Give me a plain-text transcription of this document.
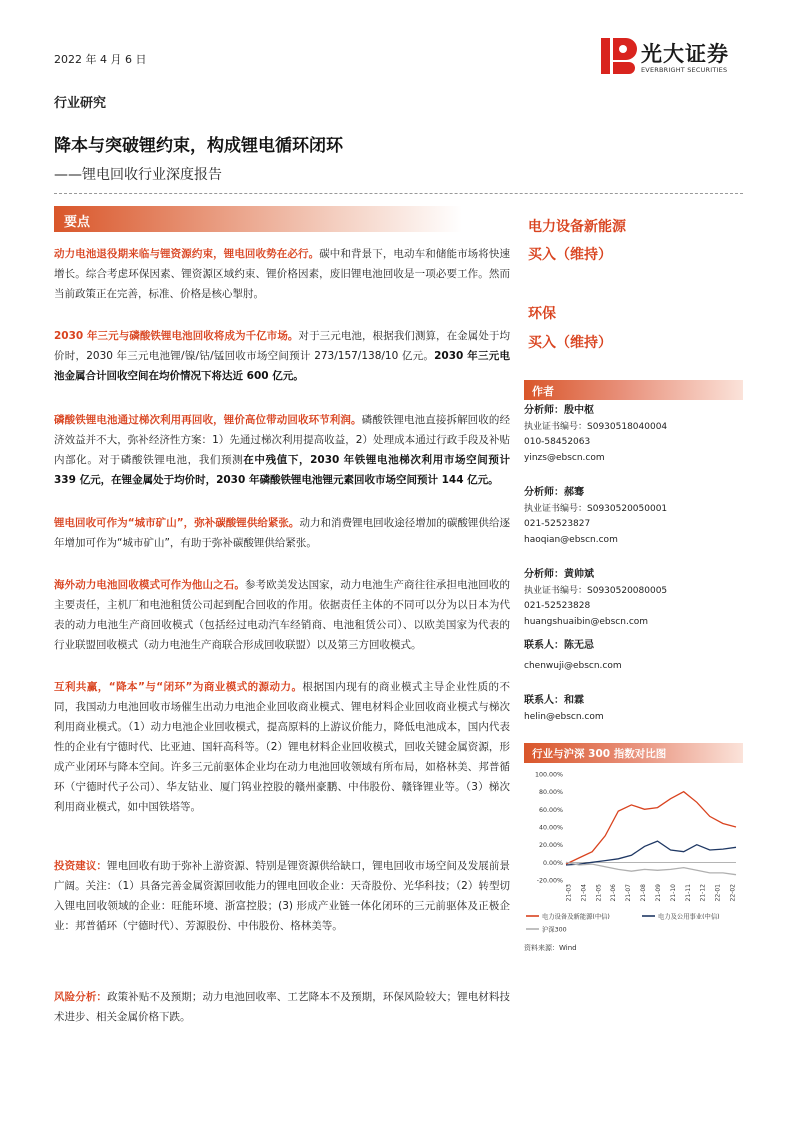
2022 年 4 月 6 日	光大证券
EVERBRIGHT SECURITIES
行业研究
降本与突破锂约束，构成锂电循环闭环
——锂电回收行业深度报告
要点
动力电池退役期来临与锂资源约束，锂电回收势在必行。碳中和背景下，电动车和储能市场将快速增长。综合考虑环保因素、锂资源区域约束、锂价格因素，废旧锂电池回收是一项必要工作。然而当前政策正在完善，标准、价格是核心掣肘。
2030 年三元与磷酸铁锂电池回收将成为千亿市场。对于三元电池，根据我们测算，在金属处于均价时，2030 年三元电池锂/镍/钴/锰回收市场空间预计 273/157/138/10 亿元。2030 年三元电池金属合计回收空间在均价情况下将达近 600 亿元。
磷酸铁锂电池通过梯次利用再回收，锂价高位带动回收环节利润。磷酸铁锂电池直接拆解回收的经济效益并不大，弥补经济性方案：1）先通过梯次利用提高收益，2）处理成本通过行政手段及补贴内部化。对于磷酸铁锂电池，我们预测在中残值下，2030 年铁锂电池梯次利用市场空间预计 339 亿元，在锂金属处于均价时，2030 年磷酸铁锂电池锂元素回收市场空间预计 144 亿元。
锂电回收可作为“城市矿山”，弥补碳酸锂供给紧张。动力和消费锂电回收途径增加的碳酸锂供给逐年增加可作为“城市矿山”，有助于弥补碳酸锂供给紧张。
海外动力电池回收模式可作为他山之石。参考欧美发达国家，动力电池生产商往往承担电池回收的主要责任，主机厂和电池租赁公司起到配合回收的作用。依据责任主体的不同可以分为以日本为代表的动力电池生产商回收模式（包括经过电动汽车经销商、电池租赁公司）、以欧美国家为代表的行业联盟回收模式（动力电池生产商联合形成回收联盟）以及第三方回收模式。
互利共赢，“降本”与“闭环”为商业模式的源动力。根据国内现有的商业模式主导企业性质的不同，我国动力电池回收市场催生出动力电池企业回收商业模式、锂电材料企业回收商业模式与梯次利用商业模式。（1）动力电池企业回收模式，提高原料的上游议价能力，降低电池成本，国内代表性的企业有宁德时代、比亚迪、国轩高科等。（2）锂电材料企业回收模式，回收关键金属资源，形成产业闭环与降本空间。许多三元前驱体企业均在动力电池回收领域有所布局，如格林美、邦普循环（宁德时代子公司）、华友钴业、厦门钨业控股的赣州豪鹏、中伟股份、赣锋锂业等。（3）梯次利用商业模式，如中国铁塔等。
投资建议：锂电回收有助于弥补上游资源、特别是锂资源供给缺口，锂电回收市场空间及发展前景广阔。关注：（1）具备完善金属资源回收能力的锂电回收企业：天奇股份、光华科技；（2）转型切入锂电回收领域的企业：旺能环境、浙富控股；(3) 形成产业链一体化闭环的三元前驱体及正极企业：邦普循环（宁德时代）、芳源股份、中伟股份、格林美等。
风险分析：政策补贴不及预期；动力电池回收率、工艺降本不及预期，环保风险较大；锂电材料技术进步、相关金属价格下跌。
电力设备新能源
买入（维持）
环保
买入（维持）
作者
分析师：殷中枢
执业证书编号：S0930518040004
010-58452063
yinzs@ebscn.com
分析师：郝骞
执业证书编号：S0930520050001
021-52523827
haoqian@ebscn.com
分析师：黄帅斌
执业证书编号：S0930520080005
021-52523828
huangshuaibin@ebscn.com
联系人：陈无忌
chenwuji@ebscn.com
联系人：和霖
helin@ebscn.com
行业与沪深 300 指数对比图
100.00%
80.00%
60.00%
40.00%
20.00%
0.00%
-20.00%
21-03 21-04 21-05 21-06 21-07 21-08 21-09 21-10 21-11 21-12 22-01 22-02
电力设备及新能源(中信)	电力及公用事业(中信)
沪深300
资料来源：Wind
